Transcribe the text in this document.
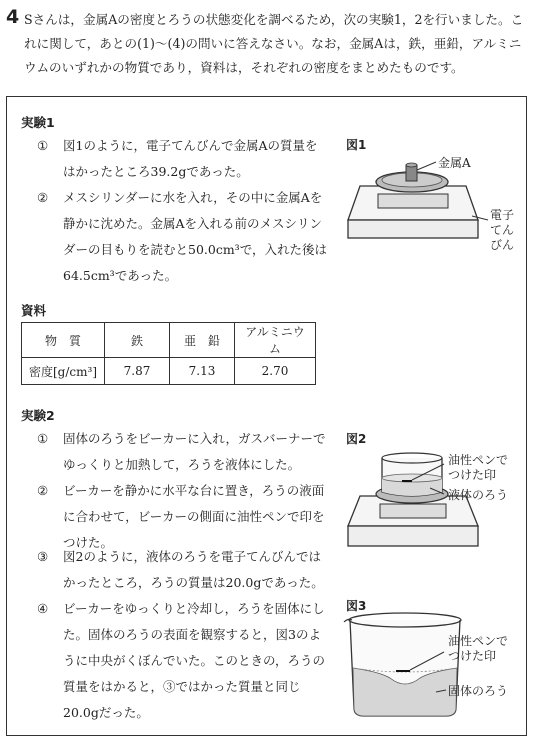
4 Sさんは，金属Aの密度とろうの状態変化を調べるため，次の実験1，2を行いました。これに関して，あとの(1)～(4)の問いに答えなさい。なお，金属Aは，鉄，亜鉛，アルミニウムのいずれかの物質であり，資料は，それぞれの密度をまとめたものです。
実験1
① 図1のように，電子てんびんで金属Aの質量をはかったところ39.2gであった。
② メスシリンダーに水を入れ，その中に金属Aを静かに沈めた。金属Aを入れる前のメスシリンダーの目もりを読むと50.0cm³で，入れた後は64.5cm³であった。
図1
金属A
電子てんびん
資料
物　質	鉄	亜　鉛	アルミニウム
密度[g/cm³]	7.87	7.13	2.70
実験2
① 固体のろうをビーカーに入れ，ガスバーナーでゆっくりと加熱して，ろうを液体にした。
② ビーカーを静かに水平な台に置き，ろうの液面に合わせて，ビーカーの側面に油性ペンで印をつけた。
③ 図2のように，液体のろうを電子てんびんではかったところ，ろうの質量は20.0gであった。
④ ビーカーをゆっくりと冷却し，ろうを固体にした。固体のろうの表面を観察すると，図3のように中央がくぼんでいた。このときの，ろうの質量をはかると，③ではかった質量と同じ20.0gだった。
図2
油性ペンでつけた印
液体のろう
図3
油性ペンでつけた印
固体のろう
